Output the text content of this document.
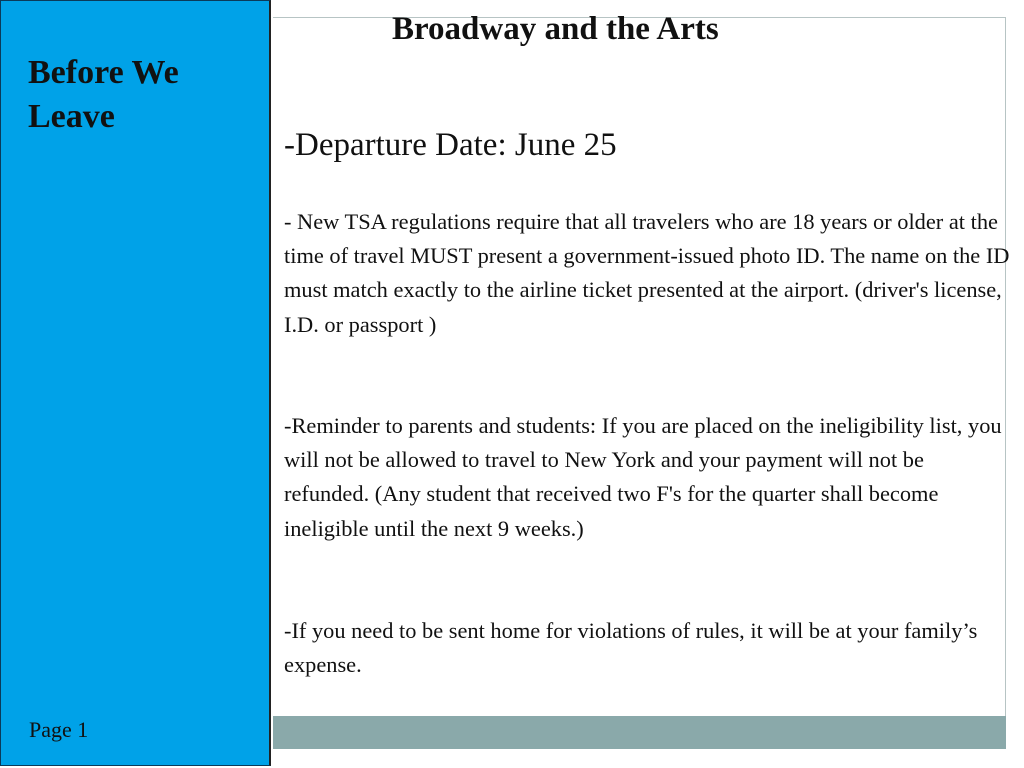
Before We Leave

Page 1

Broadway and the Arts

-Departure Date: June 25

- New TSA regulations require that all travelers who are 18 years or older at the time of travel MUST present a government-issued photo ID. The name on the ID must match exactly to the airline ticket presented at the airport. (driver's license, I.D. or passport )

-Reminder to parents and students: If you are placed on the ineligibility list, you will not be allowed to travel to New York and your payment will not be refunded. (Any student that received two F's for the quarter shall become ineligible until the next 9 weeks.)

-If you need to be sent home for violations of rules, it will be at your family’s expense.
